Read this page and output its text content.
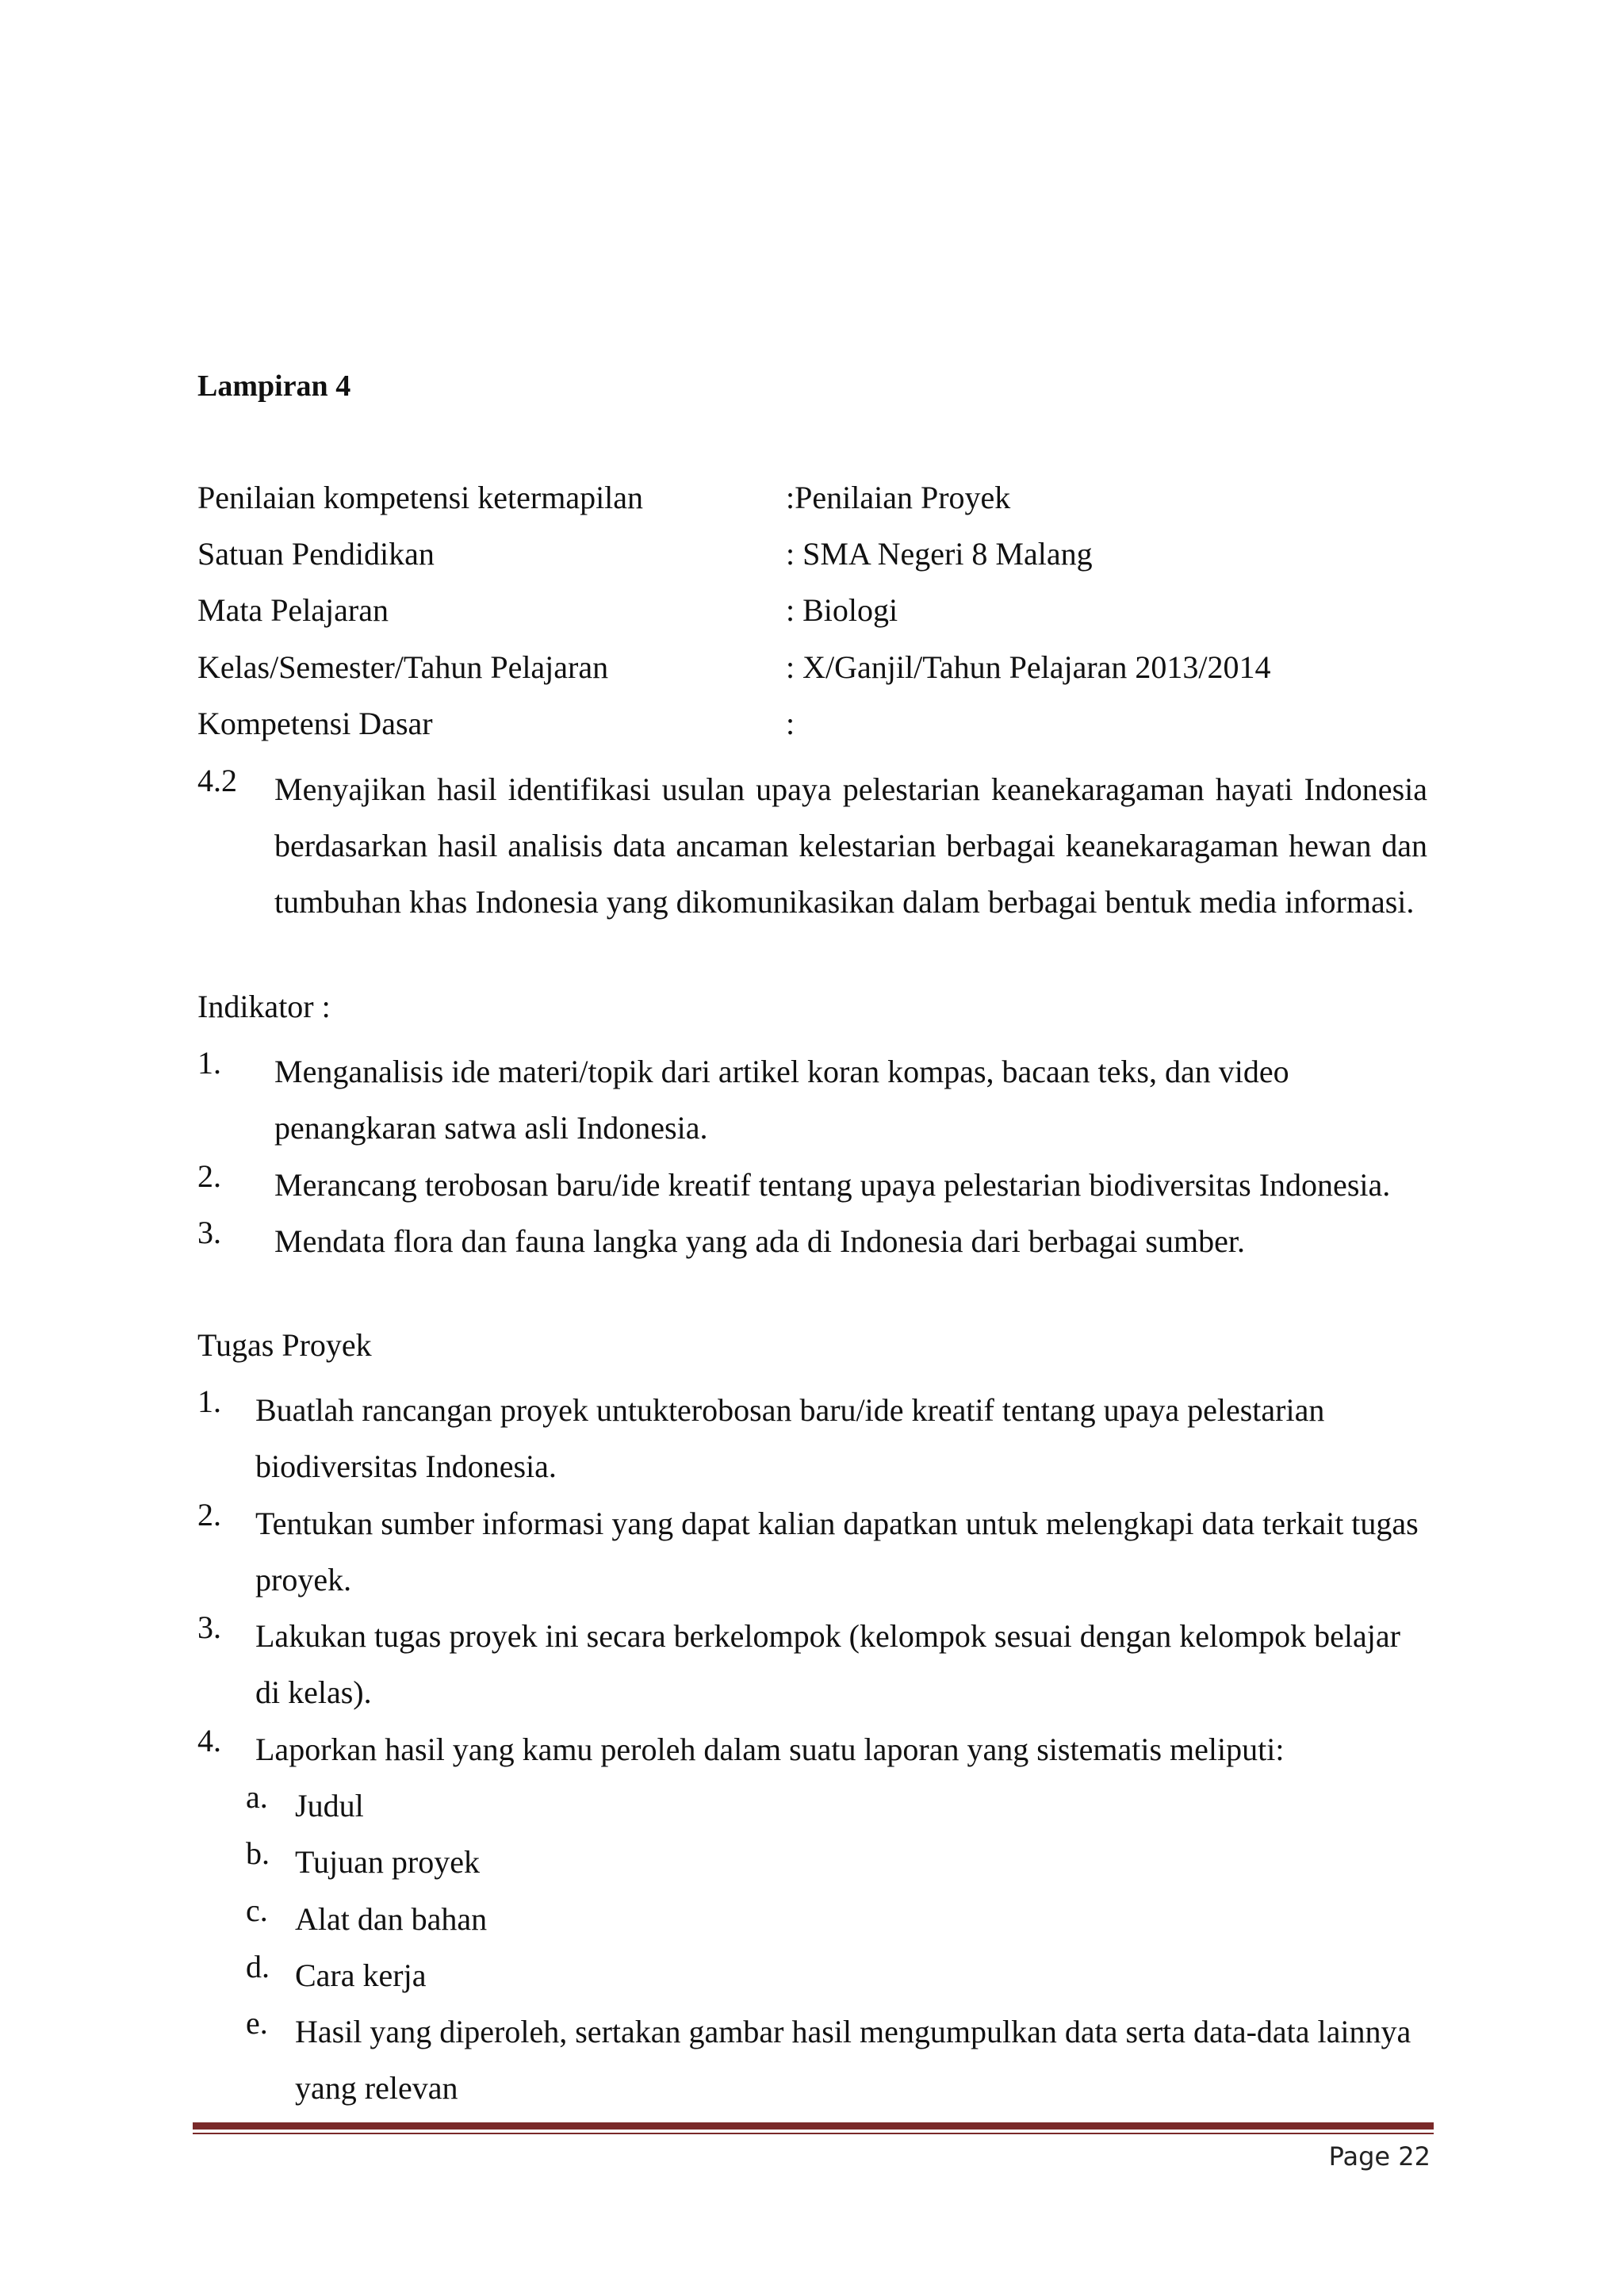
Lampiran 4
Penilaian kompetensi ketermapilan	:Penilaian Proyek
Satuan Pendidikan	: SMA Negeri 8 Malang
Mata Pelajaran	: Biologi
Kelas/Semester/Tahun Pelajaran	: X/Ganjil/Tahun Pelajaran 2013/2014
Kompetensi Dasar	:
4.2 Menyajikan hasil identifikasi usulan upaya pelestarian keanekaragaman hayati Indonesia berdasarkan hasil analisis data ancaman kelestarian berbagai keanekaragaman hewan dan tumbuhan khas Indonesia yang dikomunikasikan dalam berbagai bentuk media informasi.
Indikator :
1. Menganalisis ide materi/topik dari artikel koran kompas, bacaan teks, dan video penangkaran satwa asli Indonesia.
2. Merancang terobosan baru/ide kreatif tentang upaya pelestarian biodiversitas Indonesia.
3. Mendata flora dan fauna langka yang ada di Indonesia dari berbagai sumber.
Tugas Proyek
1. Buatlah rancangan proyek untukterobosan baru/ide kreatif tentang upaya pelestarian biodiversitas Indonesia.
2. Tentukan sumber informasi yang dapat kalian dapatkan untuk melengkapi data terkait tugas proyek.
3. Lakukan tugas proyek ini secara berkelompok (kelompok sesuai dengan kelompok belajar di kelas).
4. Laporkan hasil yang kamu peroleh dalam suatu laporan yang sistematis meliputi:
a. Judul
b. Tujuan proyek
c. Alat dan bahan
d. Cara kerja
e. Hasil yang diperoleh, sertakan gambar hasil mengumpulkan data serta data-data lainnya yang relevan
Page 22
